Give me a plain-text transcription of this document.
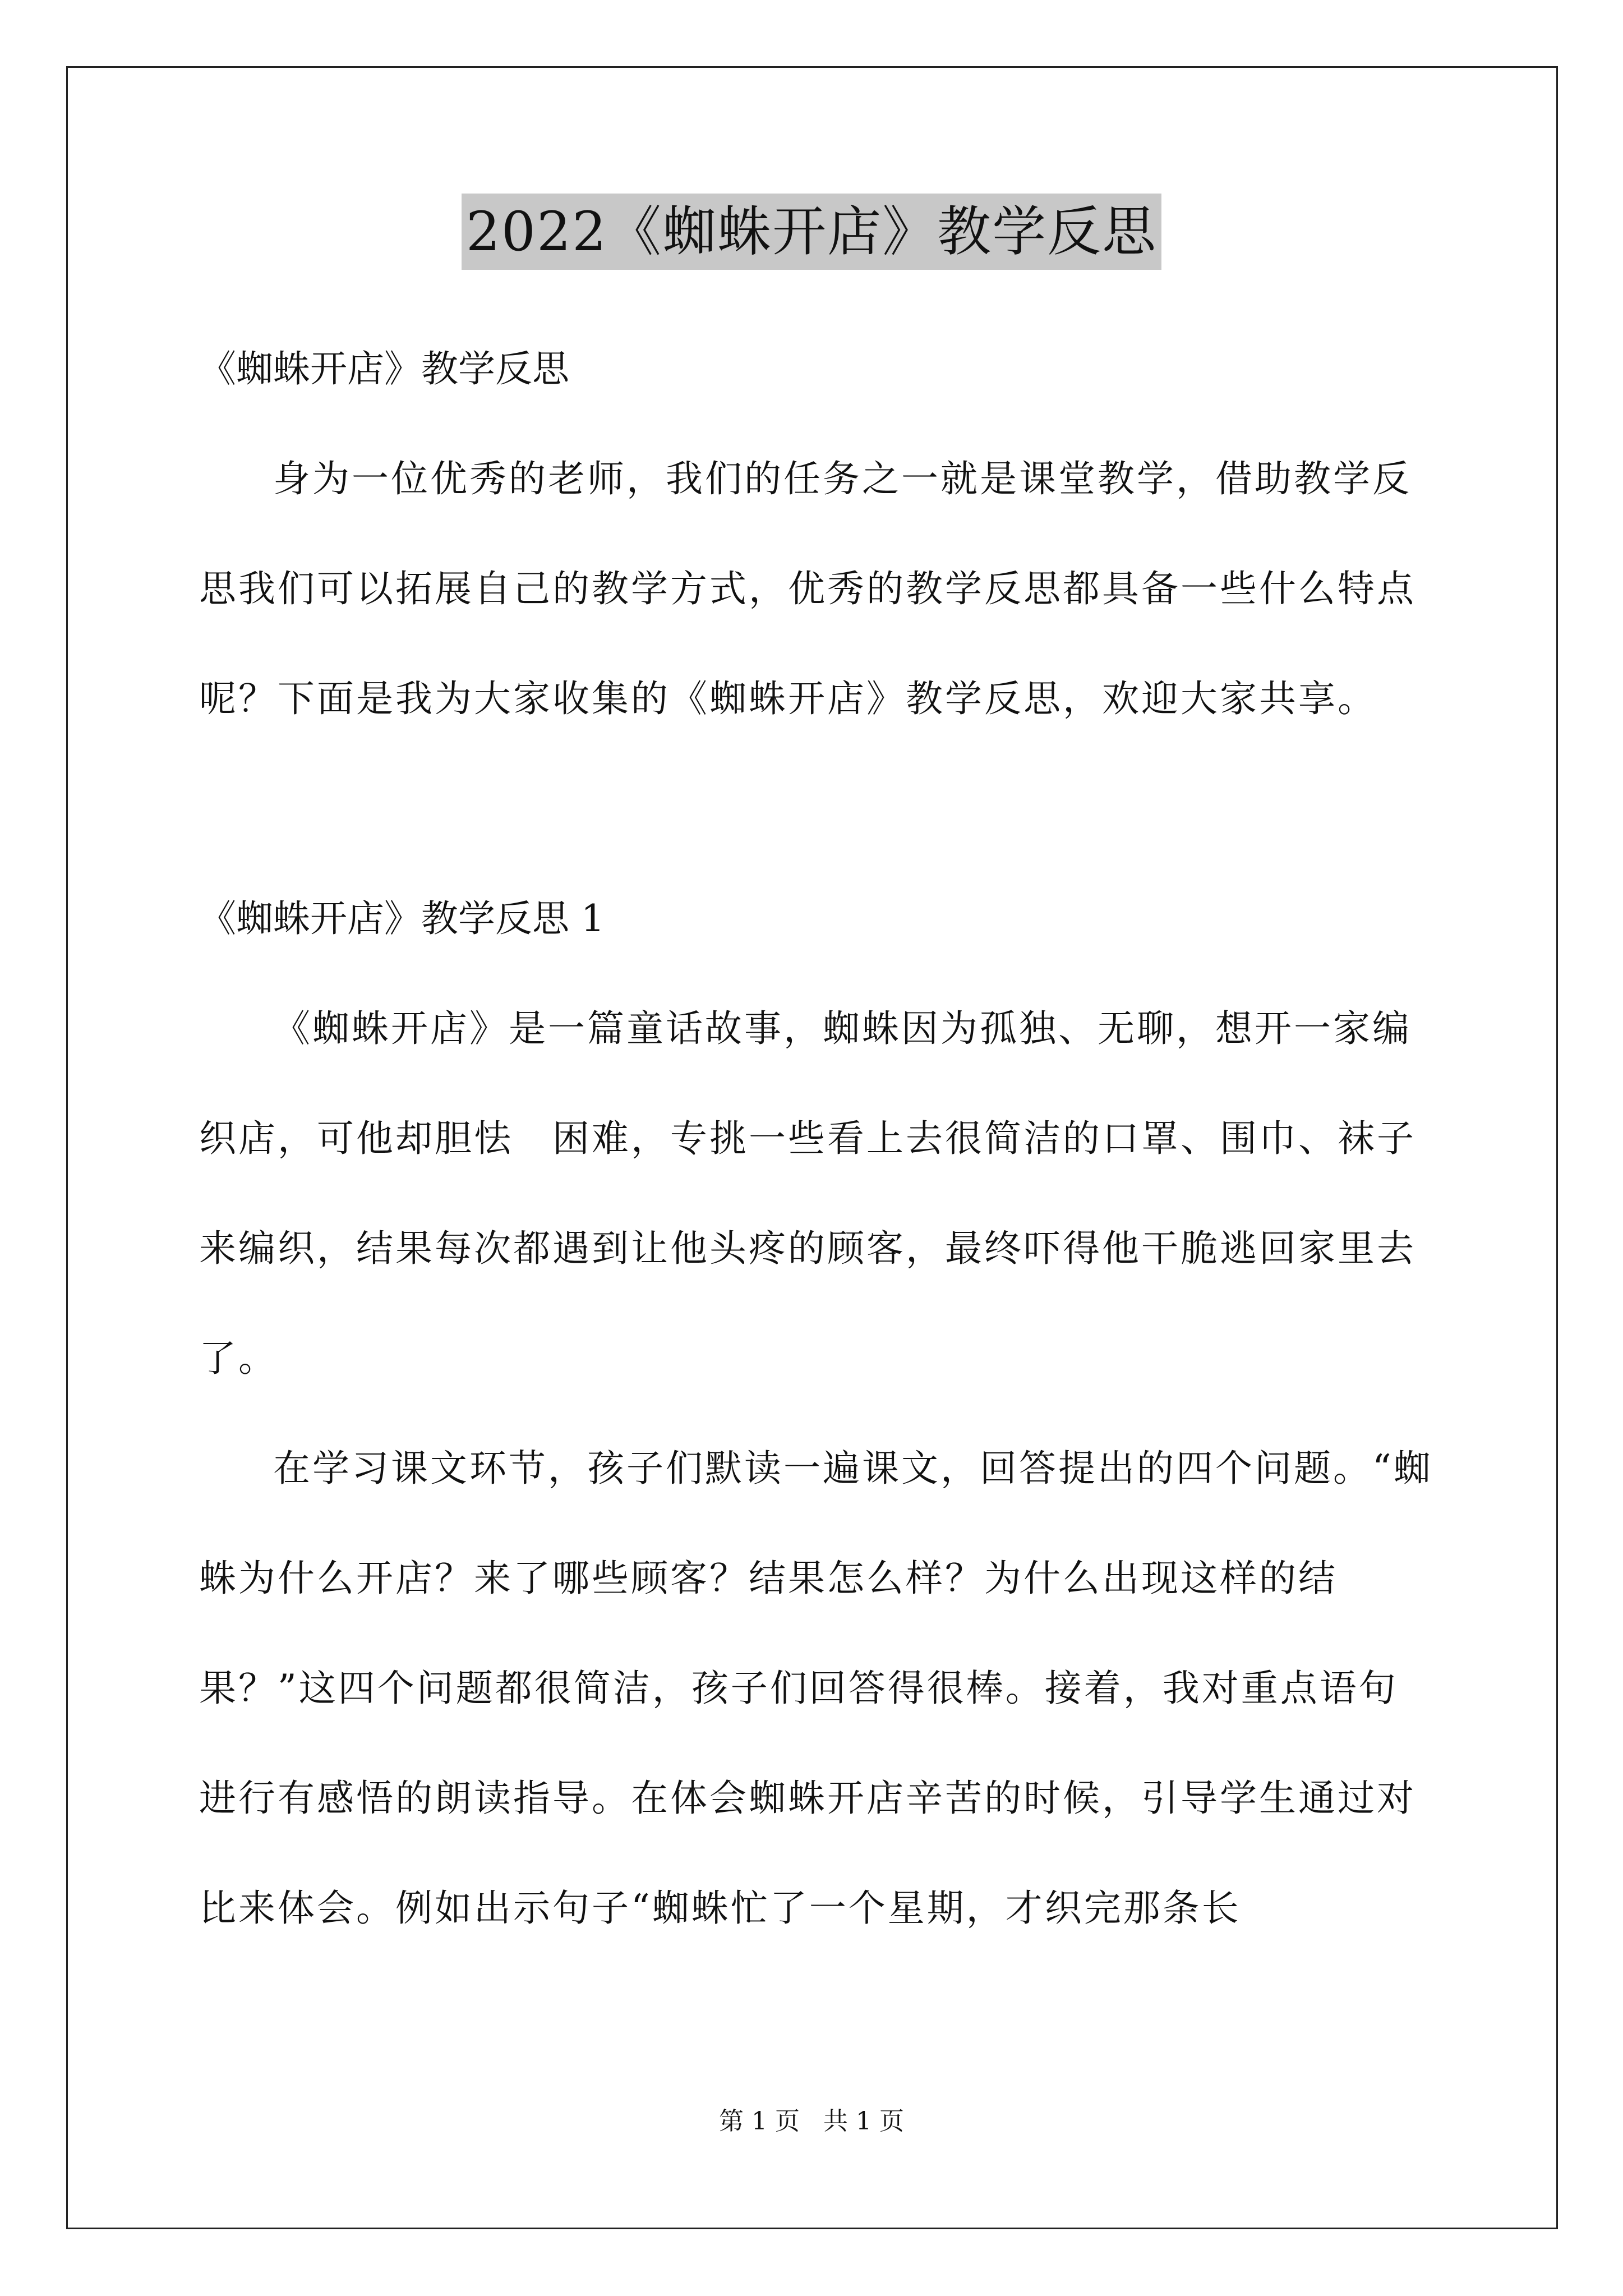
2022《蜘蛛开店》教学反思
《蜘蛛开店》教学反思

身为一位优秀的老师，我们的任务之一就是课堂教学，借助教学反思我们可以拓展自己的教学方式，优秀的教学反思都具备一些什么特点呢？下面是我为大家收集的《蜘蛛开店》教学反思，欢迎大家共享。

《蜘蛛开店》教学反思 1

《蜘蛛开店》是一篇童话故事，蜘蛛因为孤独、无聊，想开一家编织店，可他却胆怯　困难，专挑一些看上去很简洁的口罩、围巾、袜子来编织，结果每次都遇到让他头疼的顾客，最终吓得他干脆逃回家里去了。

在学习课文环节，孩子们默读一遍课文，回答提出的四个问题。“蜘蛛为什么开店？来了哪些顾客？结果怎么样？为什么出现这样的结果？”这四个问题都很简洁，孩子们回答得很棒。接着，我对重点语句进行有感悟的朗读指导。在体会蜘蛛开店辛苦的时候，引导学生通过对比来体会。例如出示句子“蜘蛛忙了一个星期，才织完那条长

第 1 页 共 1 页
